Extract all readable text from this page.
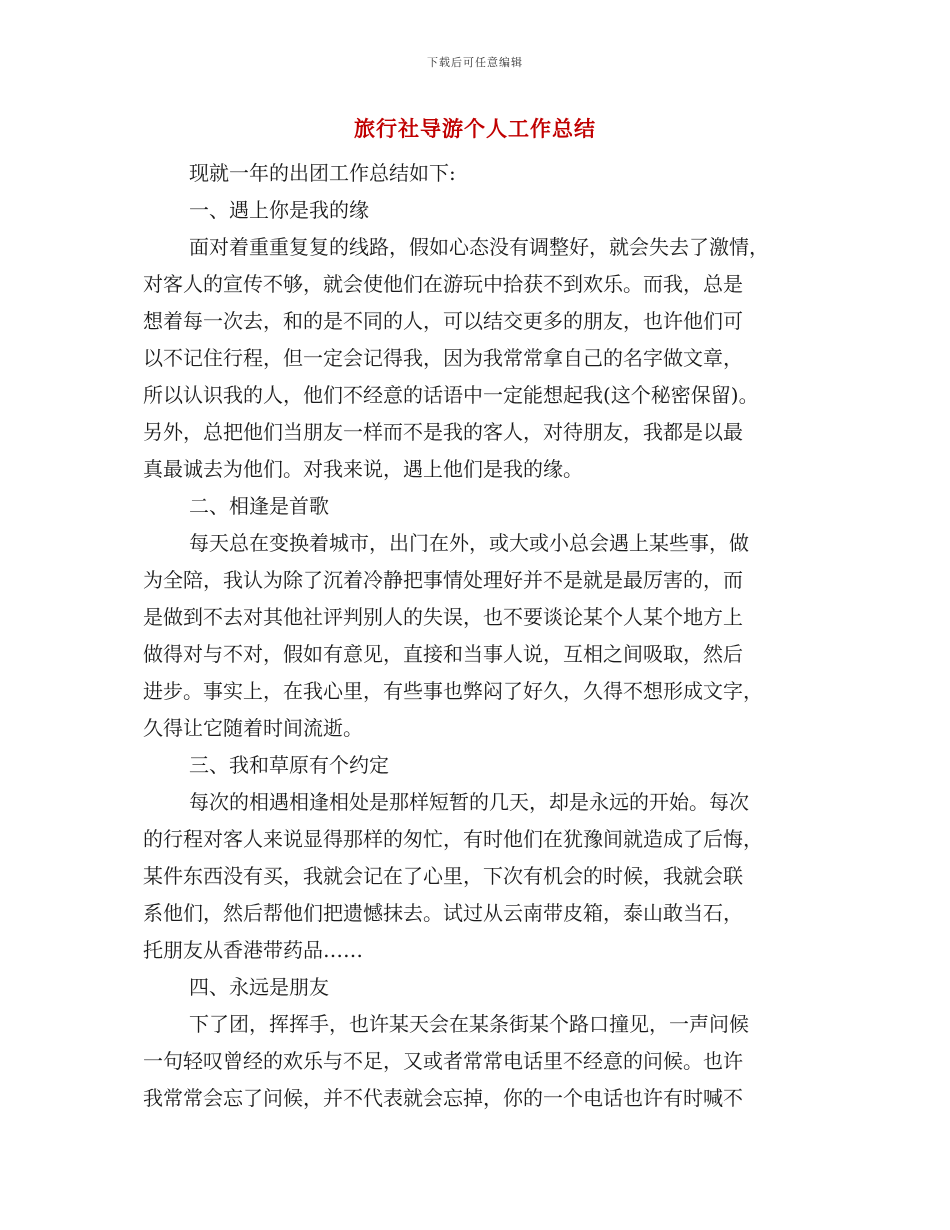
下载后可任意编辑
旅行社导游个人工作总结
现就一年的出团工作总结如下:
一、遇上你是我的缘
面对着重重复复的线路，假如心态没有调整好，就会失去了激情，
对客人的宣传不够，就会使他们在游玩中拾获不到欢乐。而我，总是
想着每一次去，和的是不同的人，可以结交更多的朋友，也许他们可
以不记住行程，但一定会记得我，因为我常常拿自己的名字做文章，
所以认识我的人，他们不经意的话语中一定能想起我(这个秘密保留)。
另外，总把他们当朋友一样而不是我的客人，对待朋友，我都是以最
真最诚去为他们。对我来说，遇上他们是我的缘。
二、相逢是首歌
每天总在变换着城市，出门在外，或大或小总会遇上某些事，做
为全陪，我认为除了沉着冷静把事情处理好并不是就是最厉害的，而
是做到不去对其他社评判别人的失误，也不要谈论某个人某个地方上
做得对与不对，假如有意见，直接和当事人说，互相之间吸取，然后
进步。事实上，在我心里，有些事也弊闷了好久，久得不想形成文字，
久得让它随着时间流逝。
三、我和草原有个约定
每次的相遇相逢相处是那样短暂的几天，却是永远的开始。每次
的行程对客人来说显得那样的匆忙，有时他们在犹豫间就造成了后悔，
某件东西没有买，我就会记在了心里，下次有机会的时候，我就会联
系他们，然后帮他们把遗憾抹去。试过从云南带皮箱，泰山敢当石，
托朋友从香港带药品……
四、永远是朋友
下了团，挥挥手，也许某天会在某条街某个路口撞见，一声问候
一句轻叹曾经的欢乐与不足，又或者常常电话里不经意的问候。也许
我常常会忘了问候，并不代表就会忘掉，你的一个电话也许有时喊不
